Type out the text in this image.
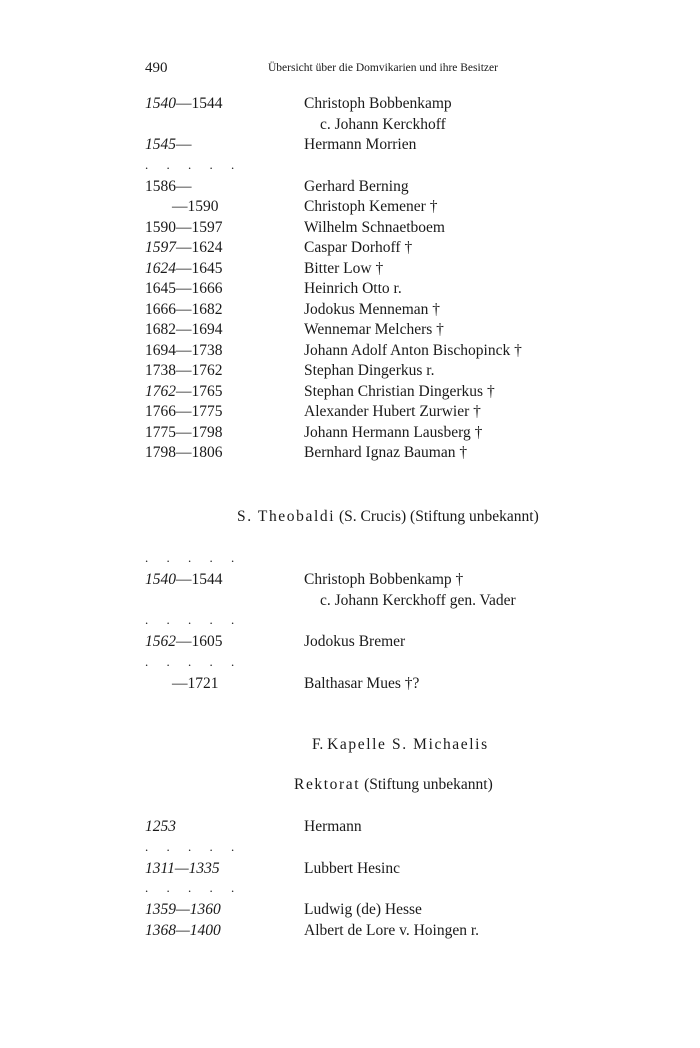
490	Übersicht über die Domvikarien und ihre Besitzer
1540—1544	Christoph Bobbenkamp
c. Johann Kerckhoff
1545—	Hermann Morrien
. . . . .
1586—	Gerhard Berning
—1590	Christoph Kemener †
1590—1597	Wilhelm Schnaetboem
1597—1624	Caspar Dorhoff †
1624—1645	Bitter Low †
1645—1666	Heinrich Otto r.
1666—1682	Jodokus Menneman †
1682—1694	Wennemar Melchers †
1694—1738	Johann Adolf Anton Bischopinck †
1738—1762	Stephan Dingerkus r.
1762—1765	Stephan Christian Dingerkus †
1766—1775	Alexander Hubert Zurwier †
1775—1798	Johann Hermann Lausberg †
1798—1806	Bernhard Ignaz Bauman †
S. Theobaldi (S. Crucis) (Stiftung unbekannt)
. . . . .
1540—1544	Christoph Bobbenkamp †
c. Johann Kerckhoff gen. Vader
. . . . .
1562—1605	Jodokus Bremer
. . . . .
—1721	Balthasar Mues †?
F. Kapelle S. Michaelis
Rektorat (Stiftung unbekannt)
1253	Hermann
. . . . .
1311—1335	Lubbert Hesinc
. . . . .
1359—1360	Ludwig (de) Hesse
1368—1400	Albert de Lore v. Hoingen r.
